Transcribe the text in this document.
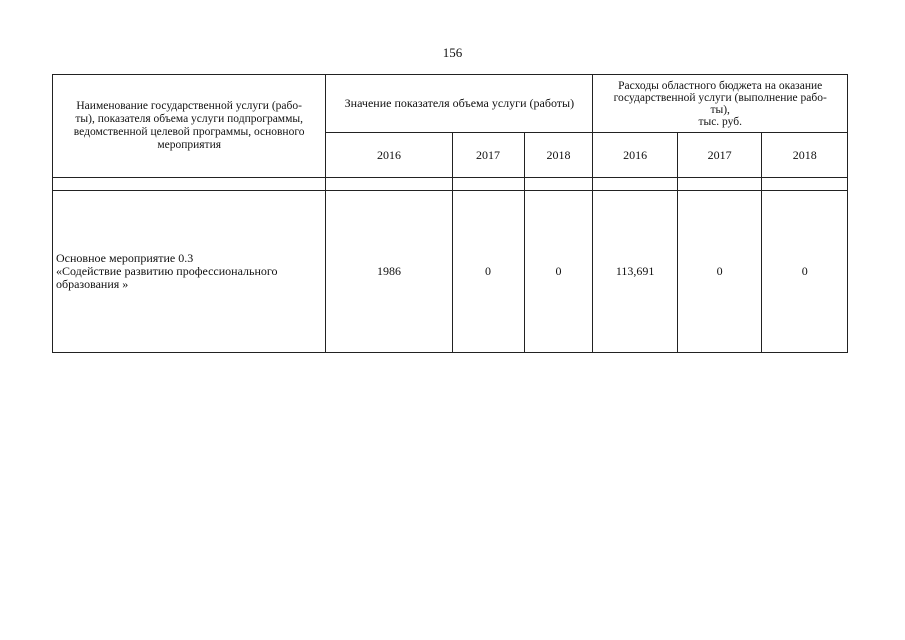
156
Наименование государственной услуги (рабо-
ты), показателя объема услуги подпрограммы,
ведомственной целевой программы, основного
мероприятия	Значение показателя объема услуги (работы)			Расходы областного бюджета на оказание
государственной услуги (выполнение рабо-
ты),
тыс. руб.		

	2016	2017	2018	2016	2017	2018

Основное мероприятие 0.3
«Содействие развитию профессионального
образования »	1986	0	0	113,691	0	0
